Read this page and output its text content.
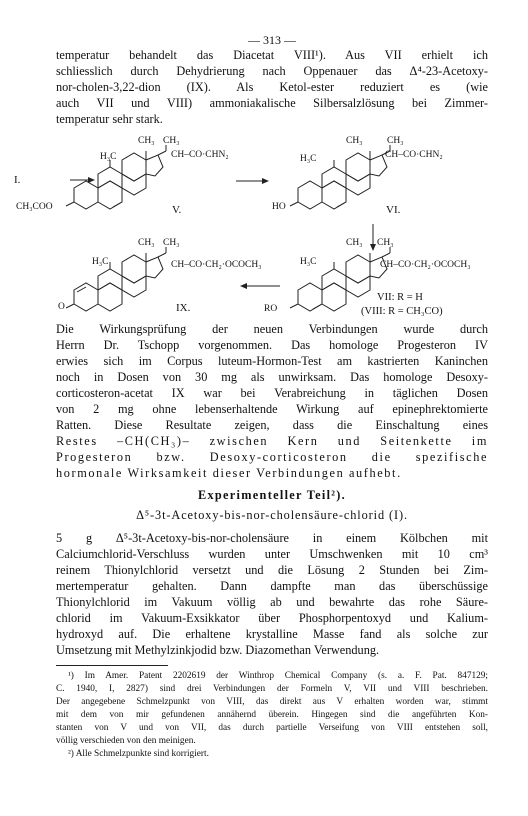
— 313 —
temperatur behandelt das Diacetat VIII¹). Aus VII erhielt ich
schliesslich durch Dehydrierung nach Oppenauer das Δ⁴-23-Acetoxy-
nor-cholen-3,22-dion (IX). Als Ketol-ester reduziert es (wie
auch VII und VIII) ammoniakalische Silbersalzlösung bei Zimmer-
temperatur sehr stark.
I.
CH₃ CH₃
H₃C	CH–CO·CHN₂
CH₃COO	V.
CH₃	CH₃
H₃C	CH–CO·CHN₂
HO	VI.
CH₃ CH₃
H₃C	CH–CO·CH₂·OCOCH₃
O	IX.
CH₃ CH₃
H₃C	CH–CO·CH₂·OCOCH₃
RO
VII: R = H
(VIII: R = CH₃CO)
Die Wirkungsprüfung der neuen Verbindungen wurde durch
Herrn Dr. Tschopp vorgenommen. Das homologe Progesteron IV
erwies sich im Corpus luteum-Hormon-Test am kastrierten Kaninchen
noch in Dosen von 30 mg als unwirksam. Das homologe Desoxy-
corticosteron-acetat IX war bei Verabreichung in täglichen Dosen
von 2 mg ohne lebenserhaltende Wirkung auf epinephrektomierte
Ratten. Diese Resultate zeigen, dass die Einschaltung eines
Restes –CH(CH₃)– zwischen Kern und Seitenkette im
Progesteron bzw. Desoxy-corticosteron die spezifische
hormonale Wirksamkeit dieser Verbindungen aufhebt.
Experimenteller Teil²).
Δ⁵-3t-Acetoxy-bis-nor-cholensäure-chlorid (I).
5 g Δ⁵-3t-Acetoxy-bis-nor-cholensäure in einem Kölbchen mit
Calciumchlorid-Verschluss wurden unter Umschwenken mit 10 cm³
reinem Thionylchlorid versetzt und die Lösung 2 Stunden bei Zim-
mertemperatur gehalten. Dann dampfte man das überschüssige
Thionylchlorid im Vakuum völlig ab und bewahrte das rohe Säure-
chlorid im Vakuum-Exsikkator über Phosphorpentoxyd und Kalium-
hydroxyd auf. Die erhaltene krystalline Masse fand als solche zur
Umsetzung mit Methylzinkjodid bzw. Diazomethan Verwendung.
¹) Im Amer. Patent 2202619 der Winthrop Chemical Company (s. a. F. Pat. 847129;
C. 1940, I, 2827) sind drei Verbindungen der Formeln V, VII und VIII beschrieben.
Der angegebene Schmelzpunkt von VIII, das direkt aus V erhalten worden war, stimmt
mit dem von mir gefundenen annähernd überein. Hingegen sind die angeführten Kon-
stanten von V und von VII, das durch partielle Verseifung von VIII entstehen soll,
völlig verschieden von den meinigen.
²) Alle Schmelzpunkte sind korrigiert.
